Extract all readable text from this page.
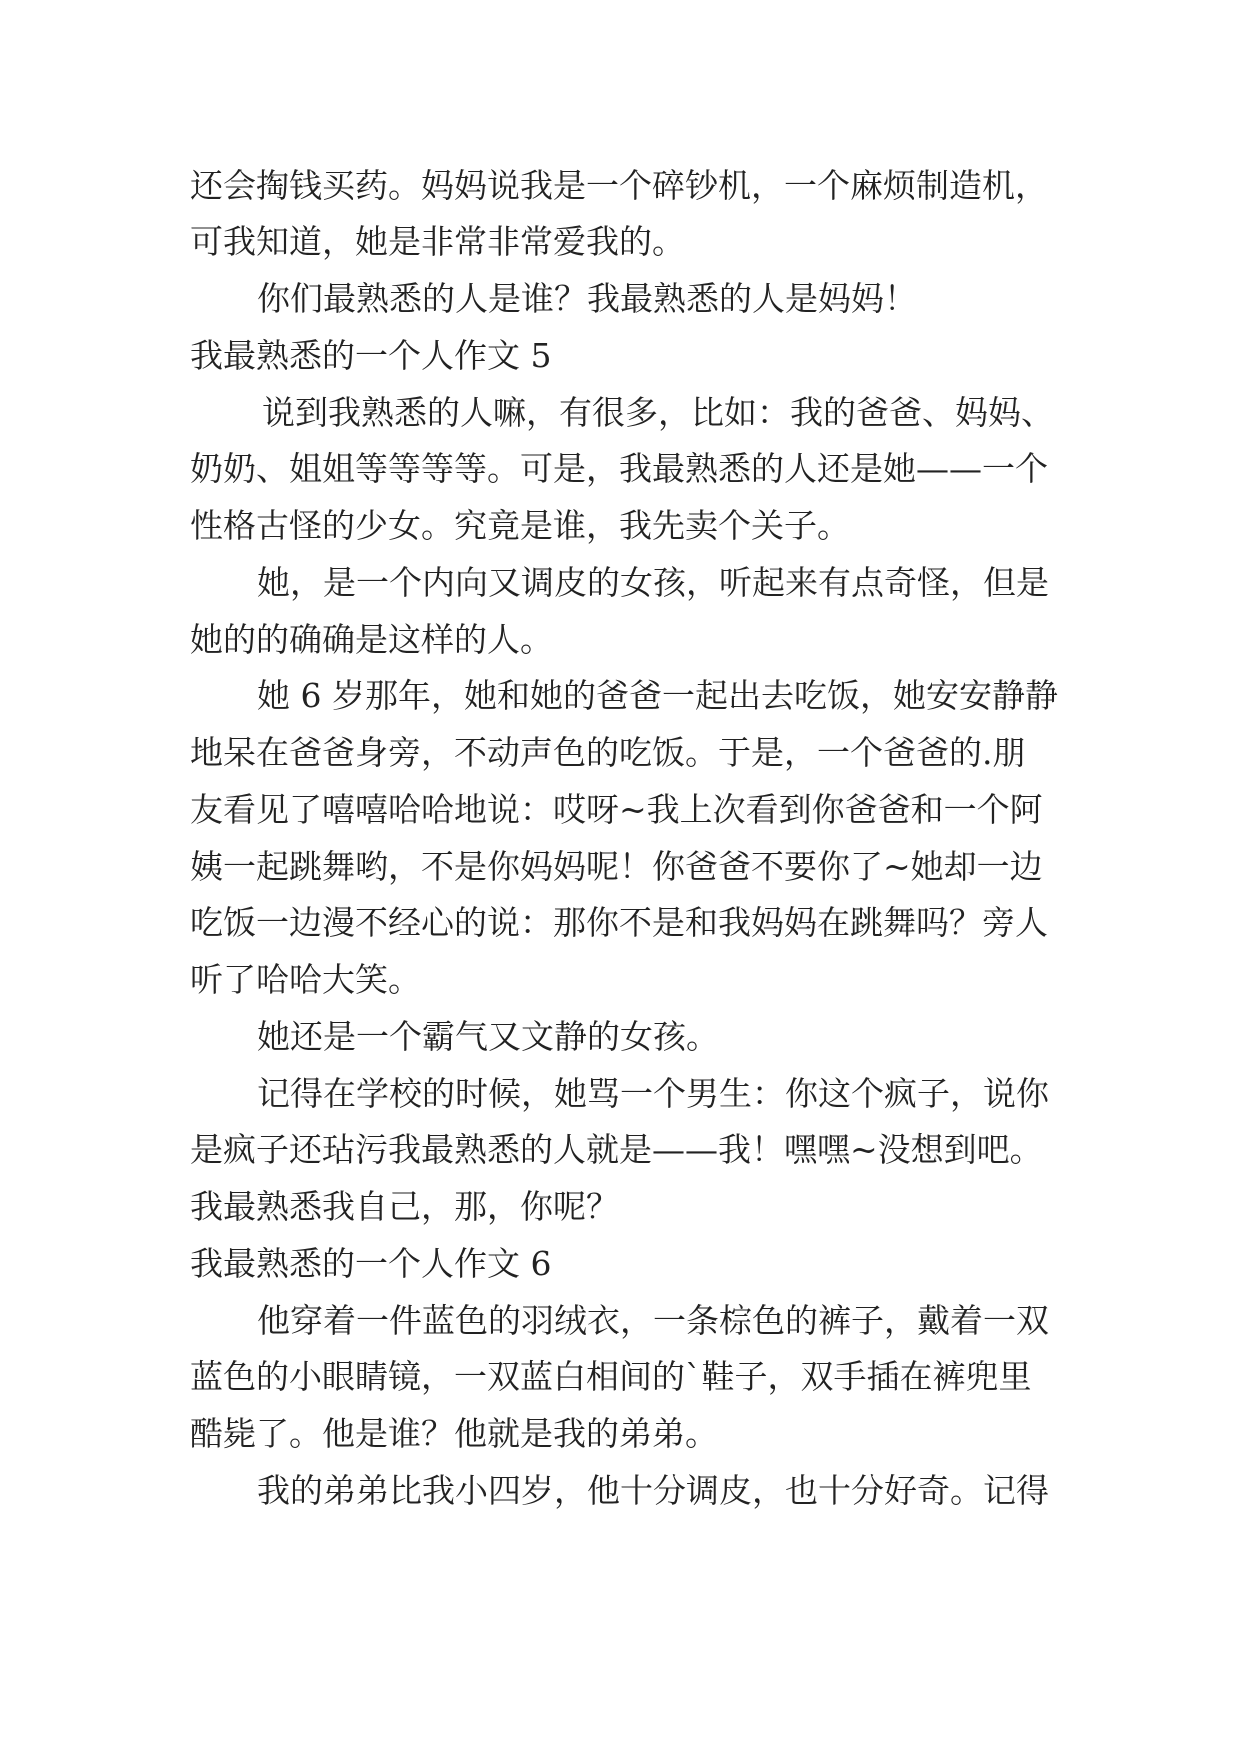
还会掏钱买药。妈妈说我是一个碎钞机，一个麻烦制造机，
可我知道，她是非常非常爱我的。
你们最熟悉的人是谁？我最熟悉的人是妈妈！
我最熟悉的一个人作文 5
说到我熟悉的人嘛，有很多，比如：我的爸爸、妈妈、
奶奶、姐姐等等等等。可是，我最熟悉的人还是她——一个
性格古怪的少女。究竟是谁，我先卖个关子。
她，是一个内向又调皮的女孩，听起来有点奇怪，但是
她的的确确是这样的人。
她 6 岁那年，她和她的爸爸一起出去吃饭，她安安静静
地呆在爸爸身旁，不动声色的吃饭。于是，一个爸爸的.朋
友看见了嘻嘻哈哈地说：哎呀~我上次看到你爸爸和一个阿
姨一起跳舞哟，不是你妈妈呢！你爸爸不要你了~她却一边
吃饭一边漫不经心的说：那你不是和我妈妈在跳舞吗？旁人
听了哈哈大笑。
她还是一个霸气又文静的女孩。
记得在学校的时候，她骂一个男生：你这个疯子，说你
是疯子还玷污我最熟悉的人就是——我！嘿嘿~没想到吧。
我最熟悉我自己，那，你呢？
我最熟悉的一个人作文 6
他穿着一件蓝色的羽绒衣，一条棕色的裤子，戴着一双
蓝色的小眼睛镜，一双蓝白相间的`鞋子，双手插在裤兜里
酷毙了。他是谁？他就是我的弟弟。
我的弟弟比我小四岁，他十分调皮，也十分好奇。记得
